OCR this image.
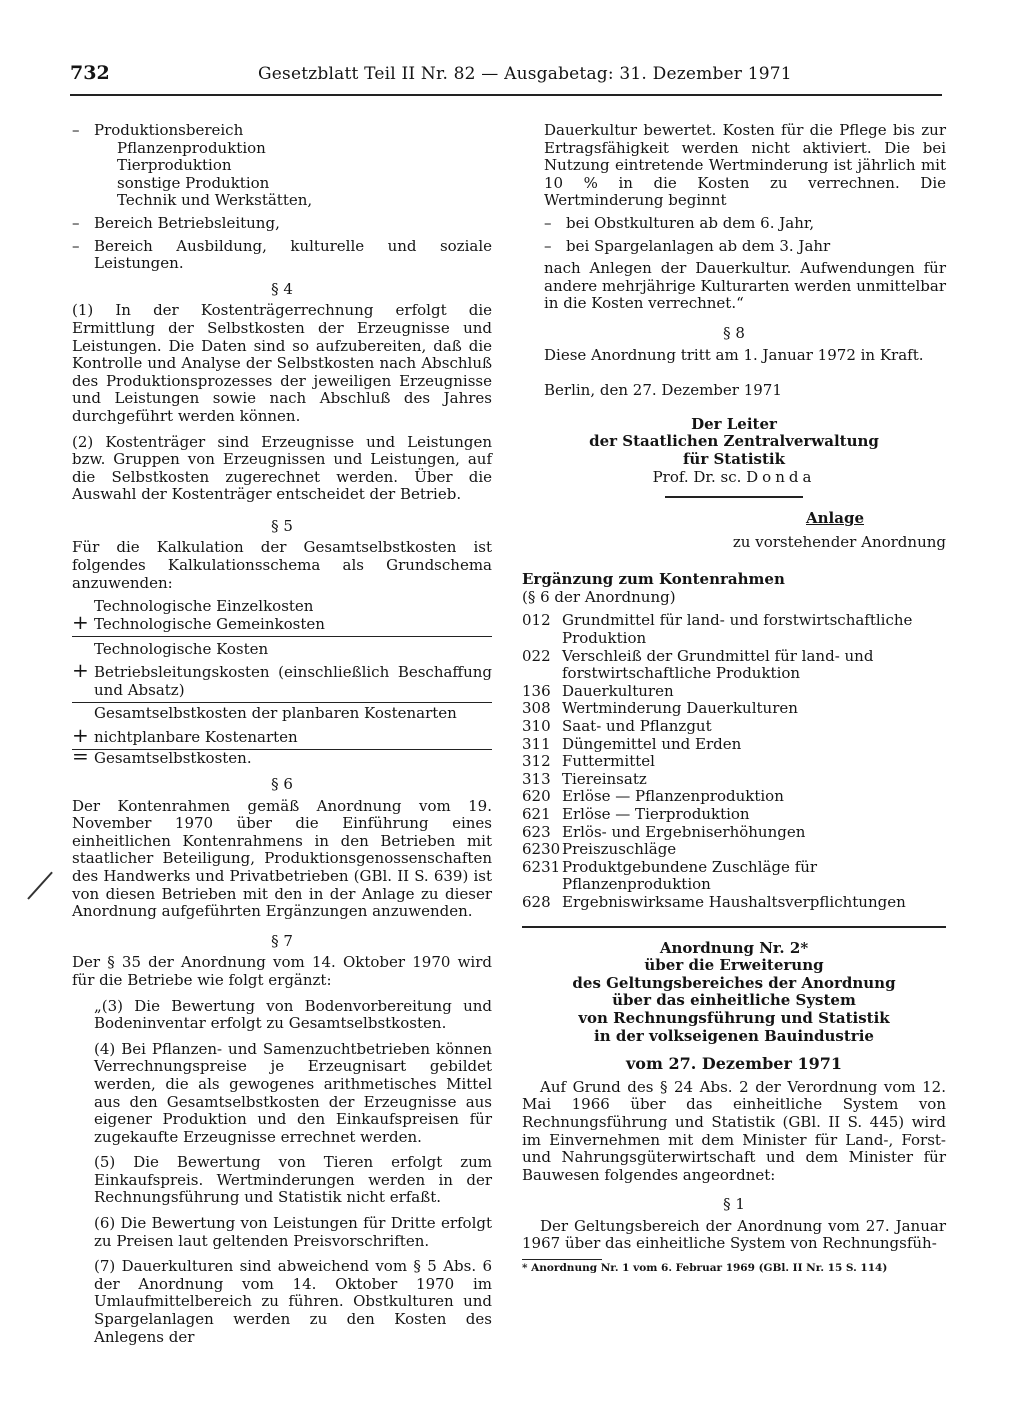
732	Gesetzblatt Teil II Nr. 82 — Ausgabetag: 31. Dezember 1971

– Produktionsbereich

Pflanzenproduktion

Tierproduktion

sonstige Produktion

Technik und Werkstätten,

– Bereich Betriebsleitung,

– Bereich Ausbildung, kulturelle und soziale Leistungen.

§ 4

(1) In der Kostenträgerrechnung erfolgt die Ermittlung der Selbstkosten der Erzeugnisse und Leistungen. Die Daten sind so aufzubereiten, daß die Kontrolle und Analyse der Selbstkosten nach Abschluß des Produktionsprozesses der jeweiligen Erzeugnisse und Leistungen sowie nach Abschluß des Jahres durchgeführt werden können.

(2) Kostenträger sind Erzeugnisse und Leistungen bzw. Gruppen von Erzeugnissen und Leistungen, auf die Selbstkosten zugerechnet werden. Über die Auswahl der Kostenträger entscheidet der Betrieb.

§ 5

Für die Kalkulation der Gesamtselbstkosten ist folgendes Kalkulationsschema als Grundschema anzuwenden:

Technologische Einzelkosten

+ Technologische Gemeinkosten

Technologische Kosten

+ Betriebsleitungskosten (einschließlich Beschaffung und Absatz)

Gesamtselbstkosten der planbaren Kostenarten

+ nichtplanbare Kostenarten

= Gesamtselbstkosten.

§ 6

Der Kontenrahmen gemäß Anordnung vom 19. November 1970 über die Einführung eines einheitlichen Kontenrahmens in den Betrieben mit staatlicher Beteiligung, Produktionsgenossenschaften des Handwerks und Privatbetrieben (GBl. II S. 639) ist von diesen Betrieben mit den in der Anlage zu dieser Anordnung aufgeführten Ergänzungen anzuwenden.

§ 7

Der § 35 der Anordnung vom 14. Oktober 1970 wird für die Betriebe wie folgt ergänzt:

„(3) Die Bewertung von Bodenvorbereitung und Bodeninventar erfolgt zu Gesamtselbstkosten.

(4) Bei Pflanzen- und Samenzuchtbetrieben können Verrechnungspreise je Erzeugnisart gebildet werden, die als gewogenes arithmetisches Mittel aus den Gesamtselbstkosten der Erzeugnisse aus eigener Produktion und den Einkaufspreisen für zugekaufte Erzeugnisse errechnet werden.

(5) Die Bewertung von Tieren erfolgt zum Einkaufspreis. Wertminderungen werden in der Rechnungsführung und Statistik nicht erfaßt.

(6) Die Bewertung von Leistungen für Dritte erfolgt zu Preisen laut geltenden Preisvorschriften.

(7) Dauerkulturen sind abweichend vom § 5 Abs. 6 der Anordnung vom 14. Oktober 1970 im Umlaufmittelbereich zu führen. Obstkulturen und Spargelanlagen werden zu den Kosten des Anlegens der

Dauerkultur bewertet. Kosten für die Pflege bis zur Ertragsfähigkeit werden nicht aktiviert. Die bei Nutzung eintretende Wertminderung ist jährlich mit 10 % in die Kosten zu verrechnen. Die Wertminderung beginnt

– bei Obstkulturen ab dem 6. Jahr,

– bei Spargelanlagen ab dem 3. Jahr

nach Anlegen der Dauerkultur. Aufwendungen für andere mehrjährige Kulturarten werden unmittelbar in die Kosten verrechnet.“

§ 8

Diese Anordnung tritt am 1. Januar 1972 in Kraft.

Berlin, den 27. Dezember 1971

Der Leiter

der Staatlichen Zentralverwaltung

für Statistik

Prof. Dr. sc. Donda

Anlage

zu vorstehender Anordnung

Ergänzung zum Kontenrahmen

(§ 6 der Anordnung)

012 Grundmittel für land- und forstwirtschaftliche Produktion
022 Verschleiß der Grundmittel für land- und forstwirtschaftliche Produktion
136 Dauerkulturen
308 Wertminderung Dauerkulturen
310 Saat- und Pflanzgut
311 Düngemittel und Erden
312 Futtermittel
313 Tiereinsatz
620 Erlöse — Pflanzenproduktion
621 Erlöse — Tierproduktion
623 Erlös- und Ergebniserhöhungen
6230 Preiszuschläge
6231 Produktgebundene Zuschläge für Pflanzenproduktion
628 Ergebniswirksame Haushaltsverpflichtungen

Anordnung Nr. 2*

über die Erweiterung

des Geltungsbereiches der Anordnung

über das einheitliche System

von Rechnungsführung und Statistik

in der volkseigenen Bauindustrie

vom 27. Dezember 1971

Auf Grund des § 24 Abs. 2 der Verordnung vom 12. Mai 1966 über das einheitliche System von Rechnungsführung und Statistik (GBl. II S. 445) wird im Einvernehmen mit dem Minister für Land-, Forst- und Nahrungsgüterwirtschaft und dem Minister für Bauwesen folgendes angeordnet:

§ 1

Der Geltungsbereich der Anordnung vom 27. Januar 1967 über das einheitliche System von Rechnungsfüh-

* Anordnung Nr. 1 vom 6. Februar 1969 (GBl. II Nr. 15 S. 114)
